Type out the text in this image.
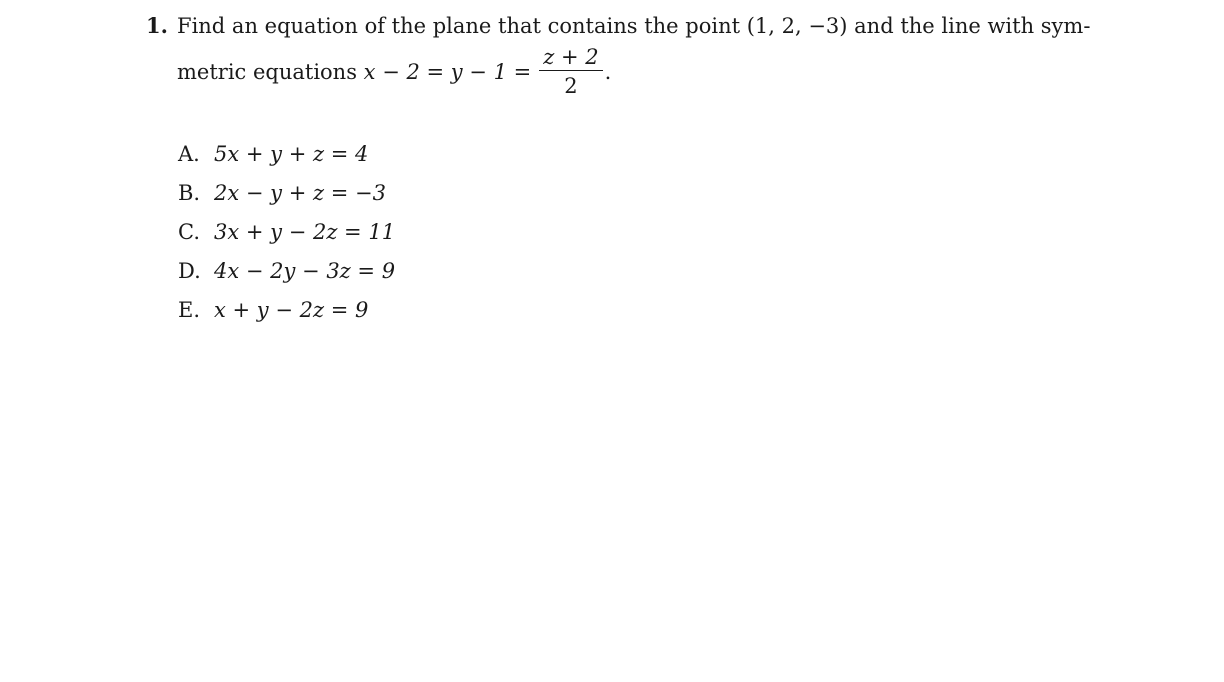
1. Find an equation of the plane that contains the point (1, 2, −3) and the line with sym-
metric equations $x - 2 = y - 1 = \frac{z + 2}{2}$ .
A. 5x + y + z = 4
B. 2x − y + z = −3
C. 3x + y − 2z = 11
D. 4x − 2y − 3z = 9
E. x + y − 2z = 9
